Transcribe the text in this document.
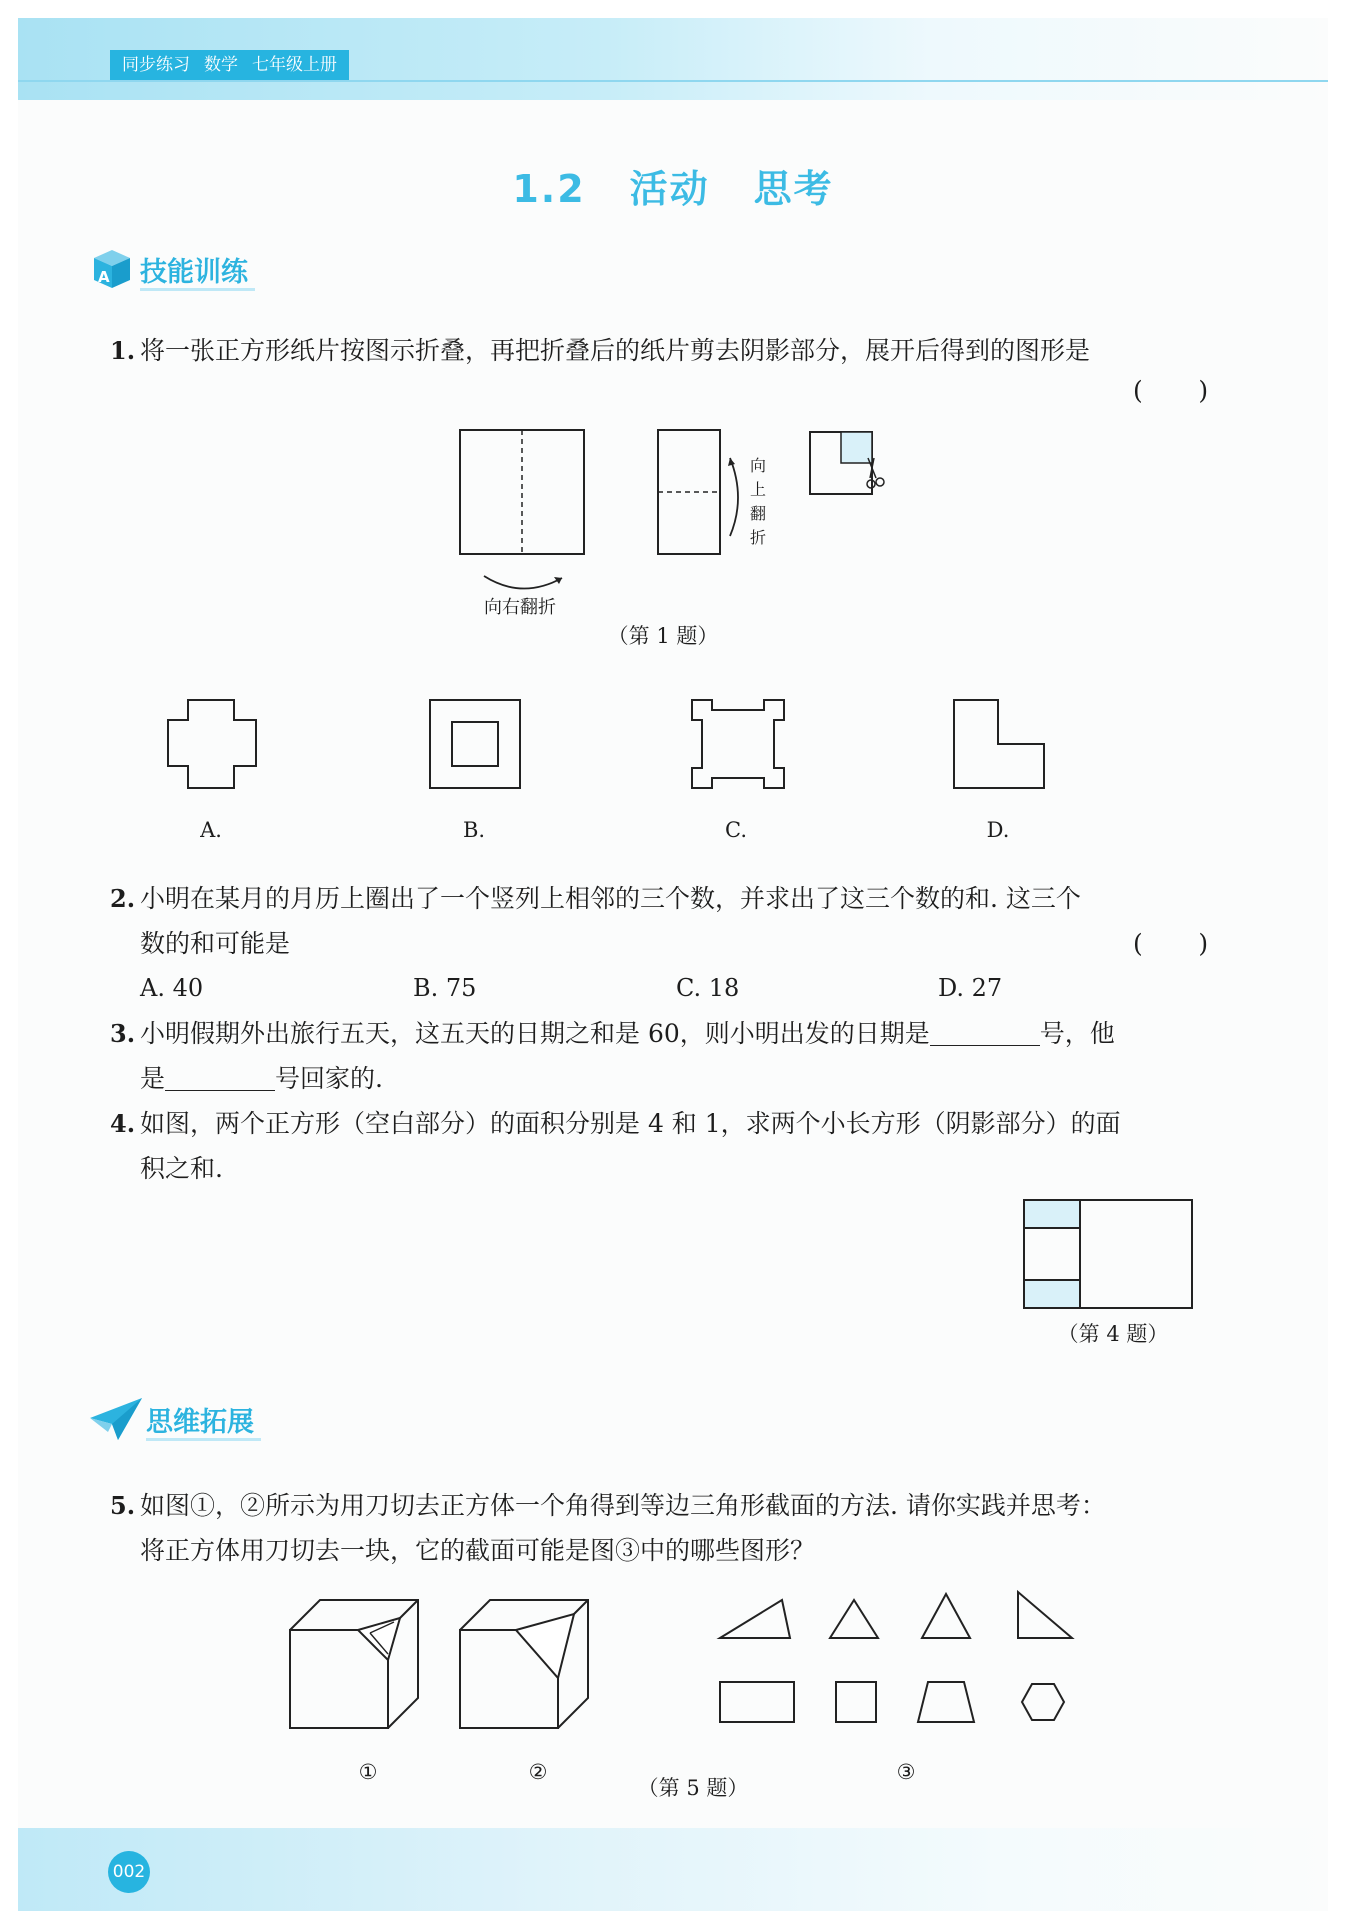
同步练习 数学 七年级上册
1.2 活动 思考
A 技能训练
1. 将一张正方形纸片按图示折叠，再把折叠后的纸片剪去阴影部分，展开后得到的图形是
(       )
向右翻折
向
上
翻
折
（第 1 题）
A.	B.	C.	D.
2. 小明在某月的月历上圈出了一个竖列上相邻的三个数，并求出了这三个数的和. 这三个
数的和可能是	(       )
A. 40	B. 75	C. 18	D. 27
3. 小明假期外出旅行五天，这五天的日期之和是 60，则小明出发的日期是	号，他
是	号回家的.
4. 如图，两个正方形（空白部分）的面积分别是 4 和 1，求两个小长方形（阴影部分）的面
积之和.
（第 4 题）
思维拓展
5. 如图①，②所示为用刀切去正方体一个角得到等边三角形截面的方法. 请你实践并思考：
将正方体用刀切去一块，它的截面可能是图③中的哪些图形？
①	②	③
（第 5 题）
002
